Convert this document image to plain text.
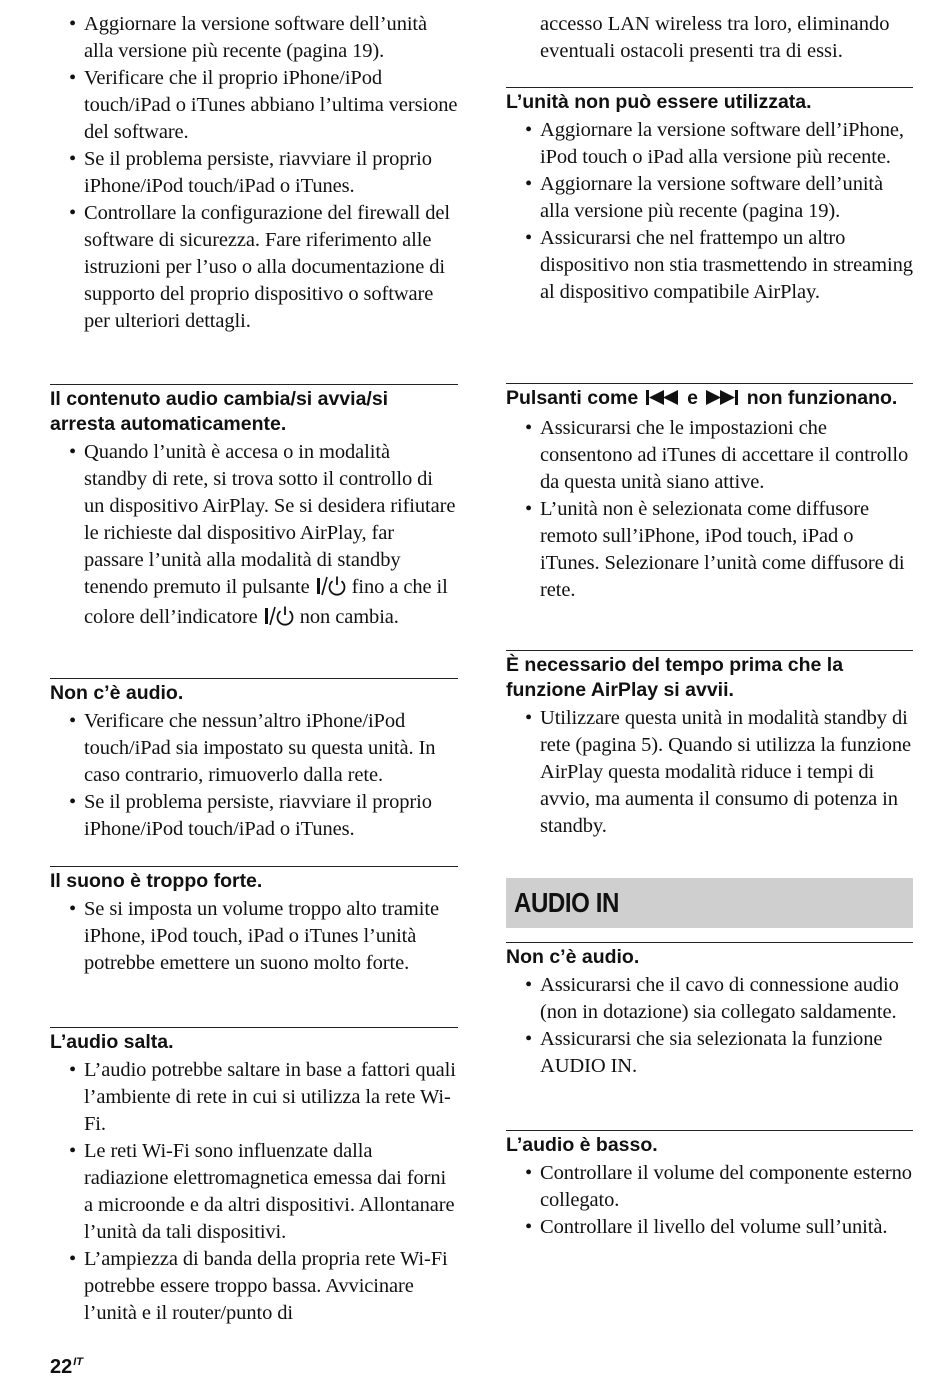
• Aggiornare la versione software dell’unità alla versione più recente (pagina 19).
• Verificare che il proprio iPhone/iPod touch/iPad o iTunes abbiano l’ultima versione del software.
• Se il problema persiste, riavviare il proprio iPhone/iPod touch/iPad o iTunes.
• Controllare la configurazione del firewall del software di sicurezza. Fare riferimento alle istruzioni per l’uso o alla documentazione di supporto del proprio dispositivo o software per ulteriori dettagli.
Il contenuto audio cambia/si avvia/si arresta automaticamente.
• Quando l’unità è accesa o in modalità standby di rete, si trova sotto il controllo di un dispositivo AirPlay. Se si desidera rifiutare le richieste dal dispositivo AirPlay, far passare l’unità alla modalità di standby tenendo premuto il pulsante fino a che il colore dell’indicatore non cambia.
Non c’è audio.
• Verificare che nessun’altro iPhone/iPod touch/iPad sia impostato su questa unità. In caso contrario, rimuoverlo dalla rete.
• Se il problema persiste, riavviare il proprio iPhone/iPod touch/iPad o iTunes.
Il suono è troppo forte.
• Se si imposta un volume troppo alto tramite iPhone, iPod touch, iPad o iTunes l’unità potrebbe emettere un suono molto forte.
L’audio salta.
• L’audio potrebbe saltare in base a fattori quali l’ambiente di rete in cui si utilizza la rete Wi-Fi.
• Le reti Wi-Fi sono influenzate dalla radiazione elettromagnetica emessa dai forni a microonde e da altri dispositivi. Allontanare l’unità da tali dispositivi.
• L’ampiezza di banda della propria rete Wi-Fi potrebbe essere troppo bassa. Avvicinare l’unità e il router/punto di
accesso LAN wireless tra loro, eliminando eventuali ostacoli presenti tra di essi.
L’unità non può essere utilizzata.
• Aggiornare la versione software dell’iPhone, iPod touch o iPad alla versione più recente.
• Aggiornare la versione software dell’unità alla versione più recente (pagina 19).
• Assicurarsi che nel frattempo un altro dispositivo non stia trasmettendo in streaming al dispositivo compatibile AirPlay.
Pulsanti come	e	non funzionano.
• Assicurarsi che le impostazioni che consentono ad iTunes di accettare il controllo da questa unità siano attive.
• L’unità non è selezionata come diffusore remoto sull’iPhone, iPod touch, iPad o iTunes. Selezionare l’unità come diffusore di rete.
È necessario del tempo prima che la funzione AirPlay si avvii.
• Utilizzare questa unità in modalità standby di rete (pagina 5). Quando si utilizza la funzione AirPlay questa modalità riduce i tempi di avvio, ma aumenta il consumo di potenza in standby.
AUDIO IN
Non c’è audio.
• Assicurarsi che il cavo di connessione audio (non in dotazione) sia collegato saldamente.
• Assicurarsi che sia selezionata la funzione AUDIO IN.
L’audio è basso.
• Controllare il volume del componente esterno collegato.
• Controllare il livello del volume sull’unità.
$22^{IT}$
